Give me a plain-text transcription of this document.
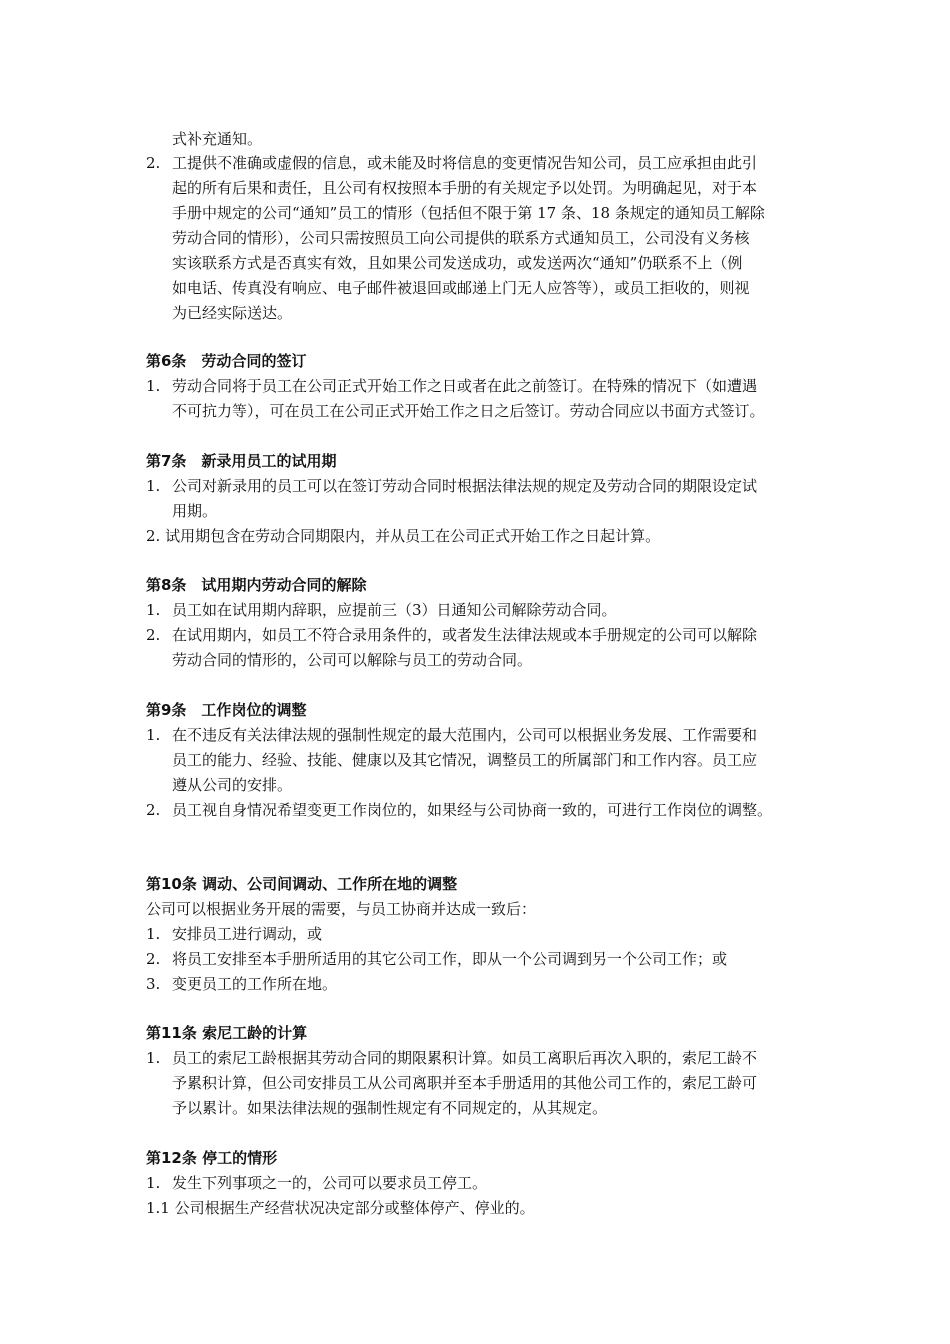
式补充通知。
2. 工提供不准确或虚假的信息，或未能及时将信息的变更情况告知公司，员工应承担由此引
起的所有后果和责任，且公司有权按照本手册的有关规定予以处罚。为明确起见，对于本
手册中规定的公司“通知”员工的情形（包括但不限于第 17 条、18 条规定的通知员工解除
劳动合同的情形），公司只需按照员工向公司提供的联系方式通知员工，公司没有义务核
实该联系方式是否真实有效，且如果公司发送成功，或发送两次“通知”仍联系不上（例
如电话、传真没有响应、电子邮件被退回或邮递上门无人应答等），或员工拒收的，则视
为已经实际送达。
第6条　劳动合同的签订
1. 劳动合同将于员工在公司正式开始工作之日或者在此之前签订。在特殊的情况下（如遭遇
不可抗力等），可在员工在公司正式开始工作之日之后签订。劳动合同应以书面方式签订。
第7条　新录用员工的试用期
1. 公司对新录用的员工可以在签订劳动合同时根据法律法规的规定及劳动合同的期限设定试
用期。
2. 试用期包含在劳动合同期限内，并从员工在公司正式开始工作之日起计算。
第8条　试用期内劳动合同的解除
1. 员工如在试用期内辞职，应提前三（3）日通知公司解除劳动合同。
2. 在试用期内，如员工不符合录用条件的，或者发生法律法规或本手册规定的公司可以解除
劳动合同的情形的，公司可以解除与员工的劳动合同。
第9条　工作岗位的调整
1. 在不违反有关法律法规的强制性规定的最大范围内，公司可以根据业务发展、工作需要和
员工的能力、经验、技能、健康以及其它情况，调整员工的所属部门和工作内容。员工应
遵从公司的安排。
2. 员工视自身情况希望变更工作岗位的，如果经与公司协商一致的，可进行工作岗位的调整。
第10条 调动、公司间调动、工作所在地的调整
公司可以根据业务开展的需要，与员工协商并达成一致后：
1. 安排员工进行调动，或
2. 将员工安排至本手册所适用的其它公司工作，即从一个公司调到另一个公司工作；或
3. 变更员工的工作所在地。
第11条 索尼工龄的计算
1. 员工的索尼工龄根据其劳动合同的期限累积计算。如员工离职后再次入职的，索尼工龄不
予累积计算，但公司安排员工从公司离职并至本手册适用的其他公司工作的，索尼工龄可
予以累计。如果法律法规的强制性规定有不同规定的，从其规定。
第12条 停工的情形
1. 发生下列事项之一的，公司可以要求员工停工。
1.1 公司根据生产经营状况决定部分或整体停产、停业的。
